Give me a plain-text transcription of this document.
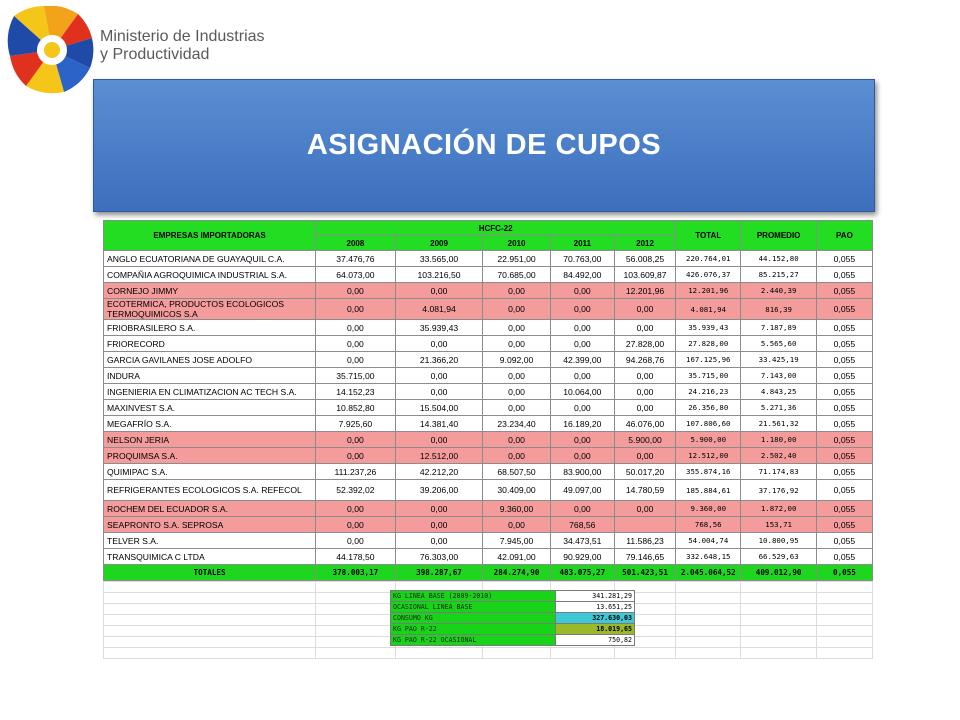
Ministerio de Industrias
y Productividad
ASIGNACIÓN DE CUPOS
EMPRESAS IMPORTADORAS	HCFC-22					TOTAL	PROMEDIO	PAO
	2008	2009	2010	2011	2012			
ANGLO ECUATORIANA DE GUAYAQUIL C.A.	37.476,76	33.565,00	22.951,00	70.763,00	56.008,25	220.764,01	44.152,80	0,055
COMPAÑIA AGROQUIMICA INDUSTRIAL S.A.	64.073,00	103.216,50	70.685,00	84.492,00	103.609,87	426.076,37	85.215,27	0,055
CORNEJO JIMMY	0,00	0,00	0,00	0,00	12.201,96	12.201,96	2.440,39	0,055
ECOTERMICA, PRODUCTOS ECOLOGICOS TERMOQUIMICOS S.A	0,00	4.081,94	0,00	0,00	0,00	4.081,94	816,39	0,055
FRIOBRASILERO S.A.	0,00	35.939,43	0,00	0,00	0,00	35.939,43	7.187,89	0,055
FRIORECORD	0,00	0,00	0,00	0,00	27.828,00	27.828,00	5.565,60	0,055
GARCIA GAVILANES JOSE ADOLFO	0,00	21.366,20	9.092,00	42.399,00	94.268,76	167.125,96	33.425,19	0,055
INDURA	35.715,00	0,00	0,00	0,00	0,00	35.715,00	7.143,00	0,055
INGENIERIA EN CLIMATIZACION AC TECH S.A.	14.152,23	0,00	0,00	10.064,00	0,00	24.216,23	4.843,25	0,055
MAXINVEST S.A.	10.852,80	15.504,00	0,00	0,00	0,00	26.356,80	5.271,36	0,055
MEGAFRÍO S.A.	7.925,60	14.381,40	23.234,40	16.189,20	46.076,00	107.806,60	21.561,32	0,055
NELSON JERIA	0,00	0,00	0,00	0,00	5.900,00	5.900,00	1.180,00	0,055
PROQUIMSA S.A.	0,00	12.512,00	0,00	0,00	0,00	12.512,00	2.502,40	0,055
QUIMIPAC S.A.	111.237,26	42.212,20	68.507,50	83.900,00	50.017,20	355.874,16	71.174,83	0,055
REFRIGERANTES ECOLOGICOS S.A. REFECOL	52.392,02	39.206,00	30.409,00	49.097,00	14.780,59	185.884,61	37.176,92	0,055
ROCHEM DEL ECUADOR S.A.	0,00	0,00	9.360,00	0,00	0,00	9.360,00	1.872,00	0,055
SEAPRONTO S.A. SEPROSA	0,00	0,00	0,00	768,56		768,56	153,71	0,055
TELVER S.A.	0,00	0,00	7.945,00	34.473,51	11.586,23	54.004,74	10.800,95	0,055
TRANSQUIMICA C LTDA	44.178,50	76.303,00	42.091,00	90.929,00	79.146,65	332.648,15	66.529,63	0,055
TOTALES	378.003,17	398.287,67	284.274,90	483.075,27	501.423,51	2.045.064,52	409.012,90	0,055

KG LINEA BASE (2009-2010)	341.281,29
OCASIONAL LINEA BASE	13.651,25
CONSUMO KG	327.630,03
KG PAO R-22	18.019,65
KG PAO R-22 OCASIONAL	750,82
